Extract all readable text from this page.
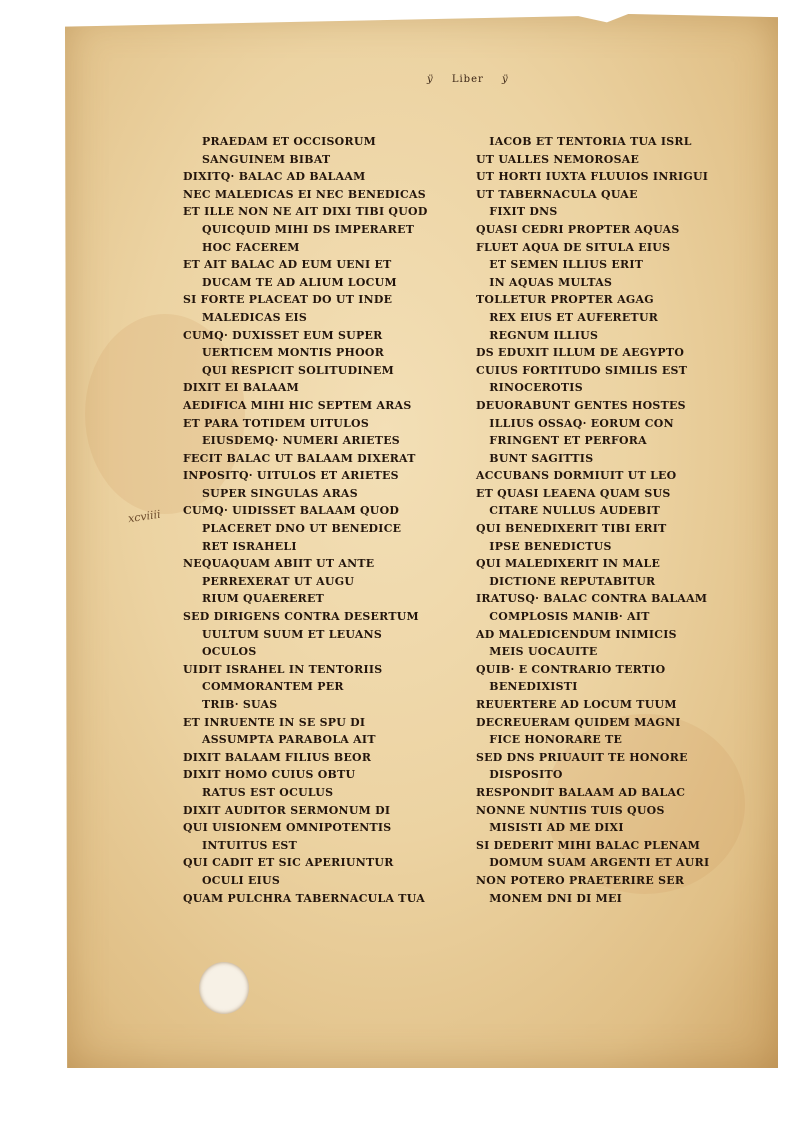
ÿ Liber ÿ
xcviiii
PRAEDAM ET OCCISORUM
SANGUINEM BIBAT
DIXITQ· BALAC AD BALAAM
NEC MALEDICAS EI NEC BENEDICAS
ET ILLE NON NE AIT DIXI TIBI QUOD
QUICQUID MIHI DS IMPERARET
HOC FACEREM
ET AIT BALAC AD EUM UENI ET
DUCAM TE AD ALIUM LOCUM
SI FORTE PLACEAT DO UT INDE
MALEDICAS EIS
CUMQ· DUXISSET EUM SUPER
UERTICEM MONTIS PHOOR
QUI RESPICIT SOLITUDINEM
DIXIT EI BALAAM
AEDIFICA MIHI HIC SEPTEM ARAS
ET PARA TOTIDEM UITULOS
EIUSDEMQ· NUMERI ARIETES
FECIT BALAC UT BALAAM DIXERAT
INPOSITQ· UITULOS ET ARIETES
SUPER SINGULAS ARAS
CUMQ· UIDISSET BALAAM QUOD
PLACERET DNO UT BENEDICE
RET ISRAHELI
NEQUAQUAM ABIIT UT ANTE
PERREXERAT UT AUGU
RIUM QUAERERET
SED DIRIGENS CONTRA DESERTUM
UULTUM SUUM ET LEUANS
OCULOS
UIDIT ISRAHEL IN TENTORIIS
COMMORANTEM PER
TRIB· SUAS
ET INRUENTE IN SE SPU DI
ASSUMPTA PARABOLA AIT
DIXIT BALAAM FILIUS BEOR
DIXIT HOMO CUIUS OBTU
RATUS EST OCULUS
DIXIT AUDITOR SERMONUM DI
QUI UISIONEM OMNIPOTENTIS
INTUITUS EST
QUI CADIT ET SIC APERIUNTUR
OCULI EIUS
QUAM PULCHRA TABERNACULA TUA
IACOB ET TENTORIA TUA ISRL
UT UALLES NEMOROSAE
UT HORTI IUXTA FLUUIOS INRIGUI
UT TABERNACULA QUAE
FIXIT DNS
QUASI CEDRI PROPTER AQUAS
FLUET AQUA DE SITULA EIUS
ET SEMEN ILLIUS ERIT
IN AQUAS MULTAS
TOLLETUR PROPTER AGAG
REX EIUS ET AUFERETUR
REGNUM ILLIUS
DS EDUXIT ILLUM DE AEGYPTO
CUIUS FORTITUDO SIMILIS EST
RINOCEROTIS
DEUORABUNT GENTES HOSTES
ILLIUS OSSAQ· EORUM CON
FRINGENT ET PERFORA
BUNT SAGITTIS
ACCUBANS DORMIUIT UT LEO
ET QUASI LEAENA QUAM SUS
CITARE NULLUS AUDEBIT
QUI BENEDIXERIT TIBI ERIT
IPSE BENEDICTUS
QUI MALEDIXERIT IN MALE
DICTIONE REPUTABITUR
IRATUSQ· BALAC CONTRA BALAAM
COMPLOSIS MANIB· AIT
AD MALEDICENDUM INIMICIS
MEIS UOCAUITE
QUIB· E CONTRARIO TERTIO
BENEDIXISTI
REUERTERE AD LOCUM TUUM
DECREUERAM QUIDEM MAGNI
FICE HONORARE TE
SED DNS PRIUAUIT TE HONORE
DISPOSITO
RESPONDIT BALAAM AD BALAC
NONNE NUNTIIS TUIS QUOS
MISISTI AD ME DIXI
SI DEDERIT MIHI BALAC PLENAM
DOMUM SUAM ARGENTI ET AURI
NON POTERO PRAETERIRE SER
MONEM DNI DI MEI
